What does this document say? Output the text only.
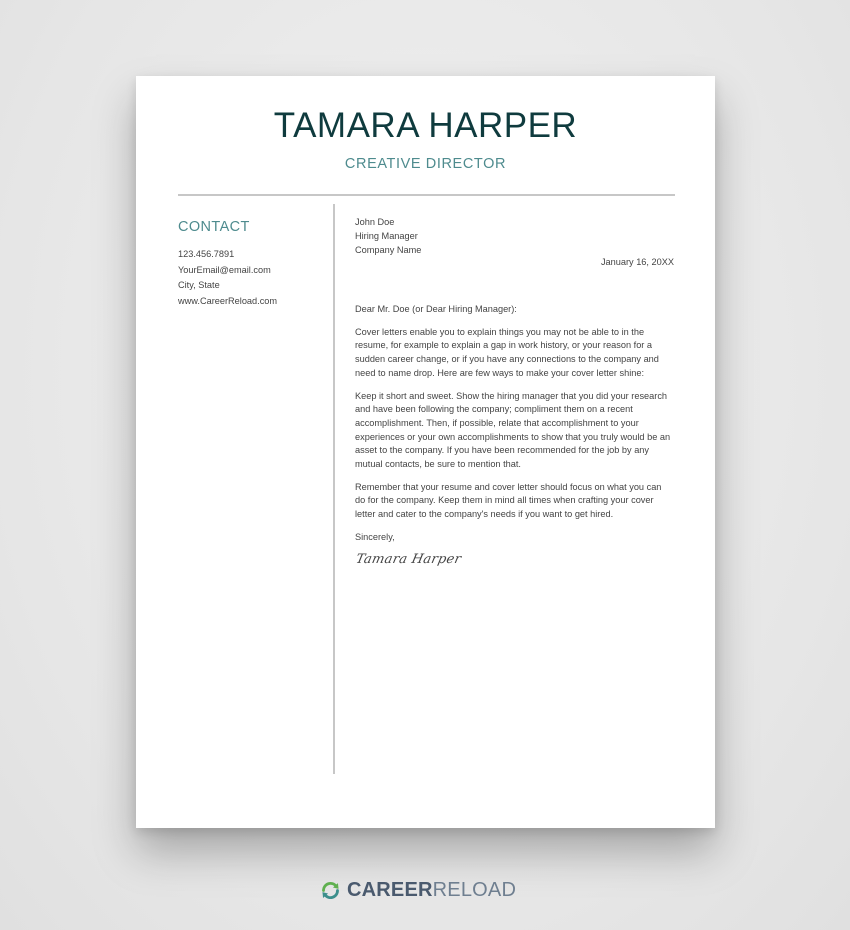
TAMARA HARPER
CREATIVE DIRECTOR
CONTACT
123.456.7891
YourEmail@email.com
City, State
www.CareerReload.com
John Doe
Hiring Manager
Company Name
January 16, 20XX

Dear Mr. Doe (or Dear Hiring Manager):

Cover letters enable you to explain things you may not be able to in the resume, for example to explain a gap in work history, or your reason for a sudden career change, or if you have any connections to the company and need to name drop. Here are few ways to make your cover letter shine:

Keep it short and sweet. Show the hiring manager that you did your research and have been following the company; compliment them on a recent accomplishment. Then, if possible, relate that accomplishment to your experiences or your own accomplishments to show that you truly would be an asset to the company. If you have been recommended for the job by any mutual contacts, be sure to mention that.

Remember that your resume and cover letter should focus on what you can do for the company. Keep them in mind all times when crafting your cover letter and cater to the company's needs if you want to get hired.

Sincerely,

Tamara Harper
CAREERRELOAD
